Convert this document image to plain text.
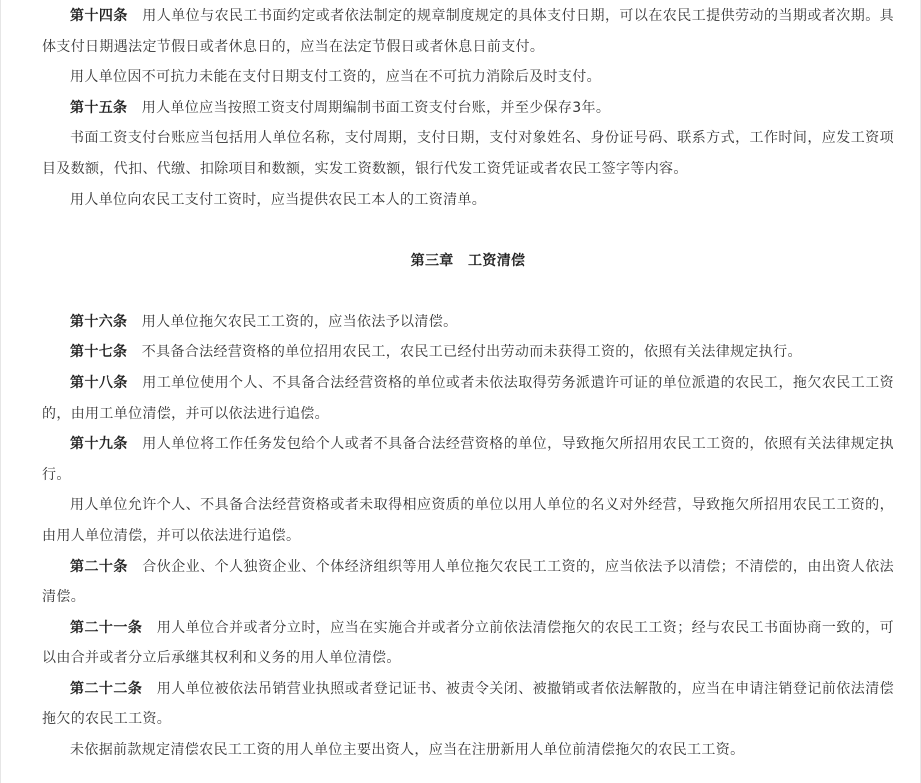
第十四条　用人单位与农民工书面约定或者依法制定的规章制度规定的具体支付日期，可以在农民工提供劳动的当期或者次期。具体支付日期遇法定节假日或者休息日的，应当在法定节假日或者休息日前支付。

用人单位因不可抗力未能在支付日期支付工资的，应当在不可抗力消除后及时支付。

第十五条　用人单位应当按照工资支付周期编制书面工资支付台账，并至少保存3年。

书面工资支付台账应当包括用人单位名称，支付周期，支付日期，支付对象姓名、身份证号码、联系方式，工作时间，应发工资项目及数额，代扣、代缴、扣除项目和数额，实发工资数额，银行代发工资凭证或者农民工签字等内容。

用人单位向农民工支付工资时，应当提供农民工本人的工资清单。

第三章　工资清偿

第十六条　用人单位拖欠农民工工资的，应当依法予以清偿。

第十七条　不具备合法经营资格的单位招用农民工，农民工已经付出劳动而未获得工资的，依照有关法律规定执行。

第十八条　用工单位使用个人、不具备合法经营资格的单位或者未依法取得劳务派遣许可证的单位派遣的农民工，拖欠农民工工资的，由用工单位清偿，并可以依法进行追偿。

第十九条　用人单位将工作任务发包给个人或者不具备合法经营资格的单位，导致拖欠所招用农民工工资的，依照有关法律规定执行。

用人单位允许个人、不具备合法经营资格或者未取得相应资质的单位以用人单位的名义对外经营，导致拖欠所招用农民工工资的，由用人单位清偿，并可以依法进行追偿。

第二十条　合伙企业、个人独资企业、个体经济组织等用人单位拖欠农民工工资的，应当依法予以清偿；不清偿的，由出资人依法清偿。

第二十一条　用人单位合并或者分立时，应当在实施合并或者分立前依法清偿拖欠的农民工工资；经与农民工书面协商一致的，可以由合并或者分立后承继其权利和义务的用人单位清偿。

第二十二条　用人单位被依法吊销营业执照或者登记证书、被责令关闭、被撤销或者依法解散的，应当在申请注销登记前依法清偿拖欠的农民工工资。

未依据前款规定清偿农民工工资的用人单位主要出资人，应当在注册新用人单位前清偿拖欠的农民工工资。
